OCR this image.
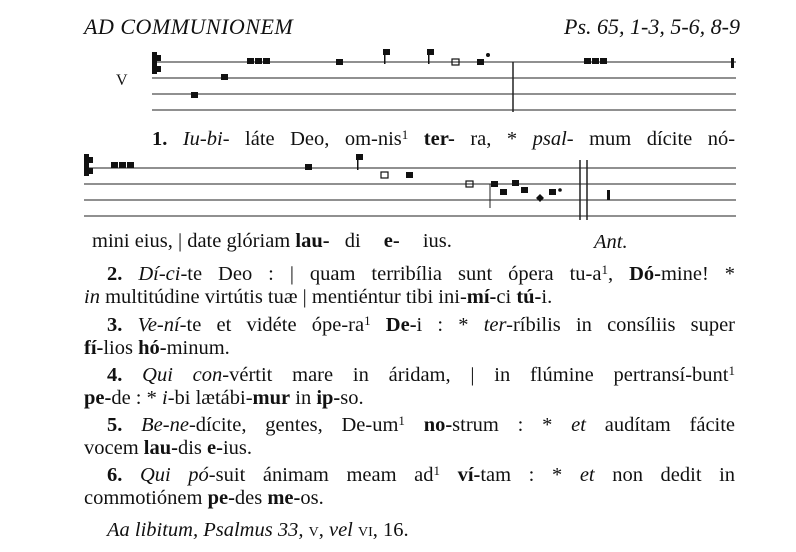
AD COMMUNIONEM	Ps. 65, 1-3, 5-6, 8-9
V
1. Iu-bi- láte Deo, om-nis$^1$ ter- ra, * psal- mum dícite nó-
mini eius, | date glóriam lau- di e- ius.	Ant.
2. Dí-ci-te Deo : | quam terribília sunt ópera $tu-a^1$, Dó-mine! *
in multitúdine virtútis tuæ | mentiéntur tibi ini-mí-ci tú-i.
3. Ve-ní-te et vidéte ópe-$ra^1$ De-i : * ter-ríbilis in consíliis super
fí-lios hó-minum.
4. Qui con-vértit mare in áridam, | in flúmine pertransí-bunt$^1$
pe-de : * i-bi lætábi-mur in ip-so.
5. Be-ne-dícite, gentes, $De-um^1$ no-strum : * et audítam fácite
vocem lau-dis e-ius.
6. Qui pó-suit ánimam meam $ad^1$ ví-tam : * et non dedit in
commotiónem pe-des me-os.
Aa libitum, Psalmus 33, v, vel vi, 16.
